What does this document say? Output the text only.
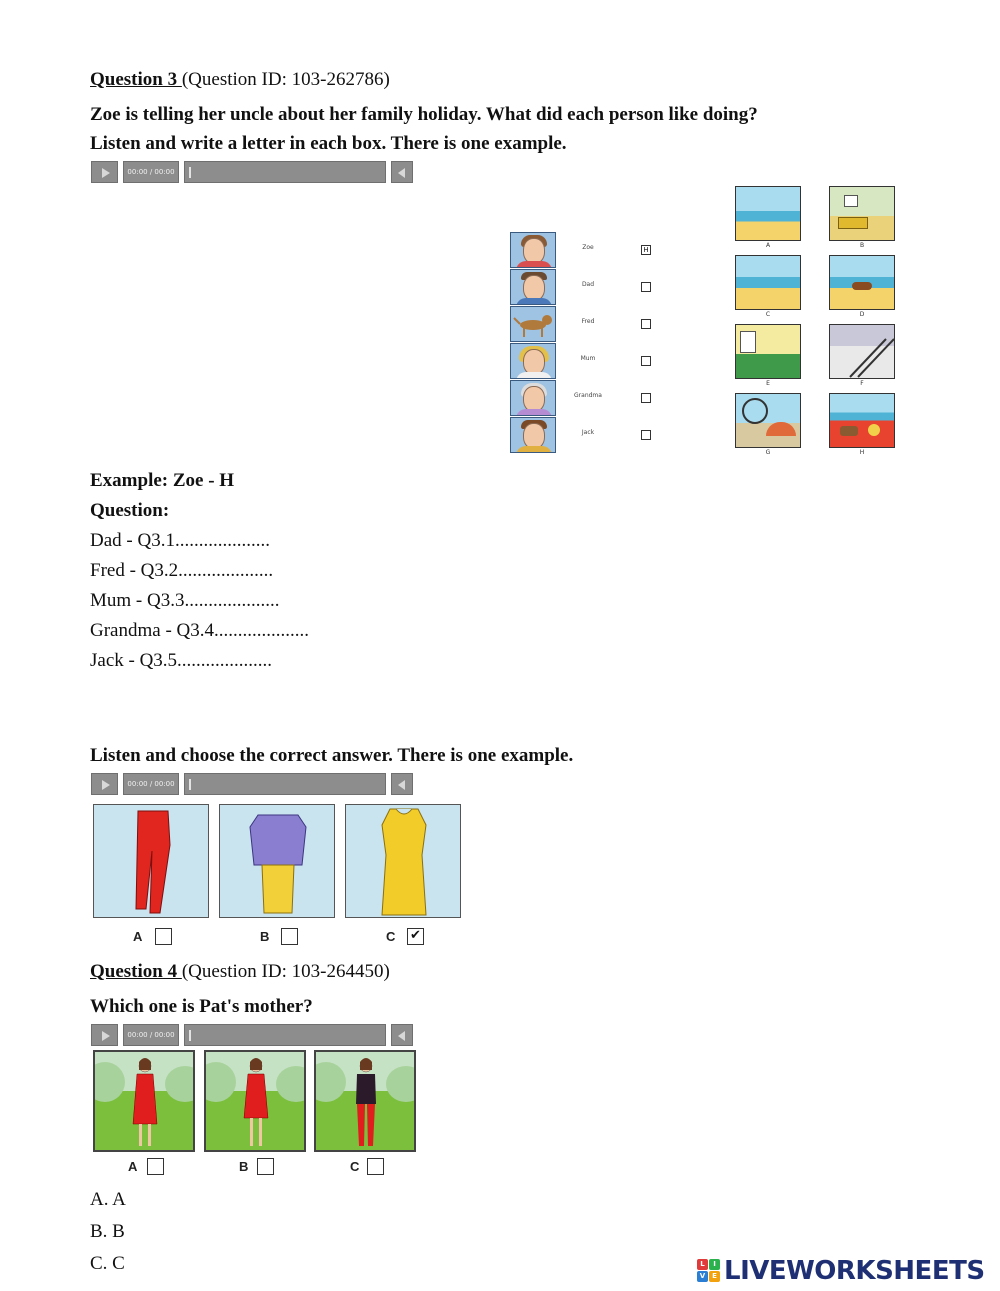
Question 3 (Question ID: 103-262786)
Zoe is telling her uncle about her family holiday. What did each person like doing?
Listen and write a letter in each box. There is one example.
00:00 / 00:00
Zoe	H
Dad
Fred
Mum
Grandma
Jack
A	B
C	D
E	F
G	H
Example: Zoe - H
Question:
Dad - Q3.1....................
Fred - Q3.2....................
Mum - Q3.3....................
Grandma - Q3.4....................
Jack - Q3.5....................
Listen and choose the correct answer. There is one example.
00:00 / 00:00
A	B	C ✔
Question 4 (Question ID: 103-264450)
Which one is Pat's mother?
00:00 / 00:00
A	B	C
A. A
B. B
C. C	L	I
V E LIVEWORKSHEETS
